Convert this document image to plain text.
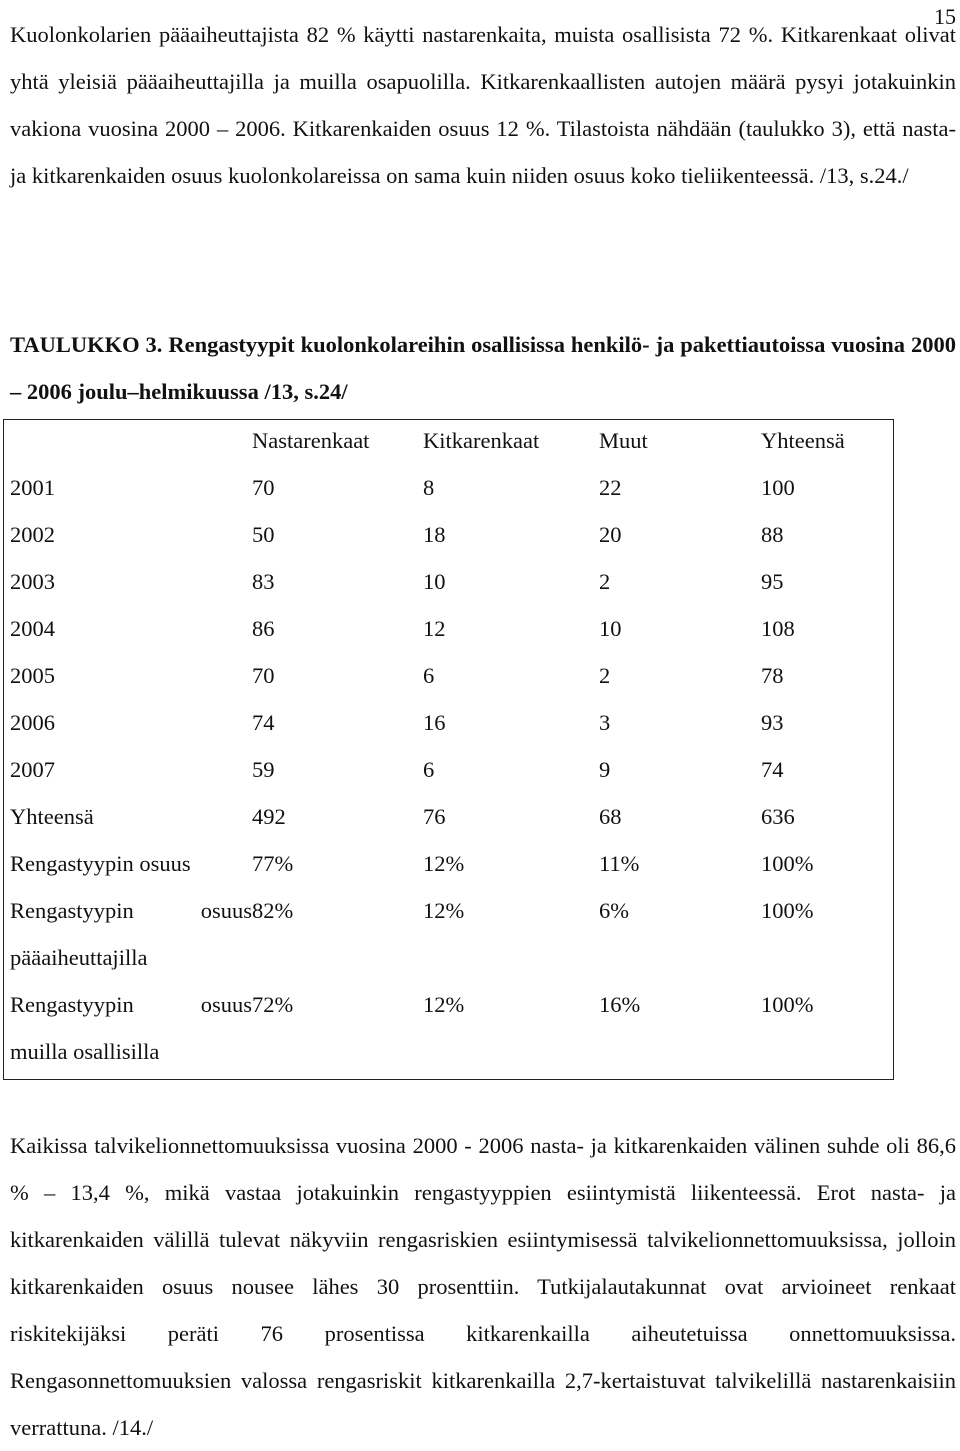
15
Kuolonkolarien pääaiheuttajista 82 % käytti nastarenkaita, muista osallisista 72 %. Kitkarenkaat olivat yhtä yleisiä pääaiheuttajilla ja muilla osapuolilla. Kitkarenkaallisten autojen määrä pysyi jotakuinkin vakiona vuosina 2000 – 2006. Kitkarenkaiden osuus 12 %. Tilastoista nähdään (taulukko 3), että nasta- ja kitkarenkaiden osuus kuolonkolareissa on sama kuin niiden osuus koko tieliikenteessä. /13, s.24./
TAULUKKO 3. Rengastyypit kuolonkolareihin osallisissa henkilö- ja pakettiautoissa vuosina 2000 – 2006 joulu–helmikuussa /13, s.24/
	Nastarenkaat	Kitkarenkaat	Muut	Yhteensä
2001	70	8	22	100
2002	50	18	20	88
2003	83	10	2	95
2004	86	12	10	108
2005	70	6	2	78
2006	74	16	3	93
2007	59	6	9	74
Yhteensä	492	76	68	636
Rengastyypin osuus	77%	12%	11%	100%

Rengastyypin osuus
pääaiheuttajilla	82%	12%	6%	100%

Rengastyypin osuus
muilla osallisilla	72%	12%	16%	100%
Kaikissa talvikelionnettomuuksissa vuosina 2000 - 2006 nasta- ja kitkarenkaiden välinen suhde oli 86,6 % – 13,4 %, mikä vastaa jotakuinkin rengastyyppien esiintymistä liikenteessä. Erot nasta- ja kitkarenkaiden välillä tulevat näkyviin rengasriskien esiintymisessä talvikelionnettomuuksissa, jolloin kitkarenkaiden osuus nousee lähes 30 prosenttiin. Tutkijalautakunnat ovat arvioineet renkaat riskitekijäksi peräti 76 prosentissa kitkarenkailla aiheutetuissa onnettomuuksissa. Rengasonnettomuuksien valossa rengasriskit kitkarenkailla 2,7-kertaistuvat talvikelillä nastarenkaisiin verrattuna. /14./
